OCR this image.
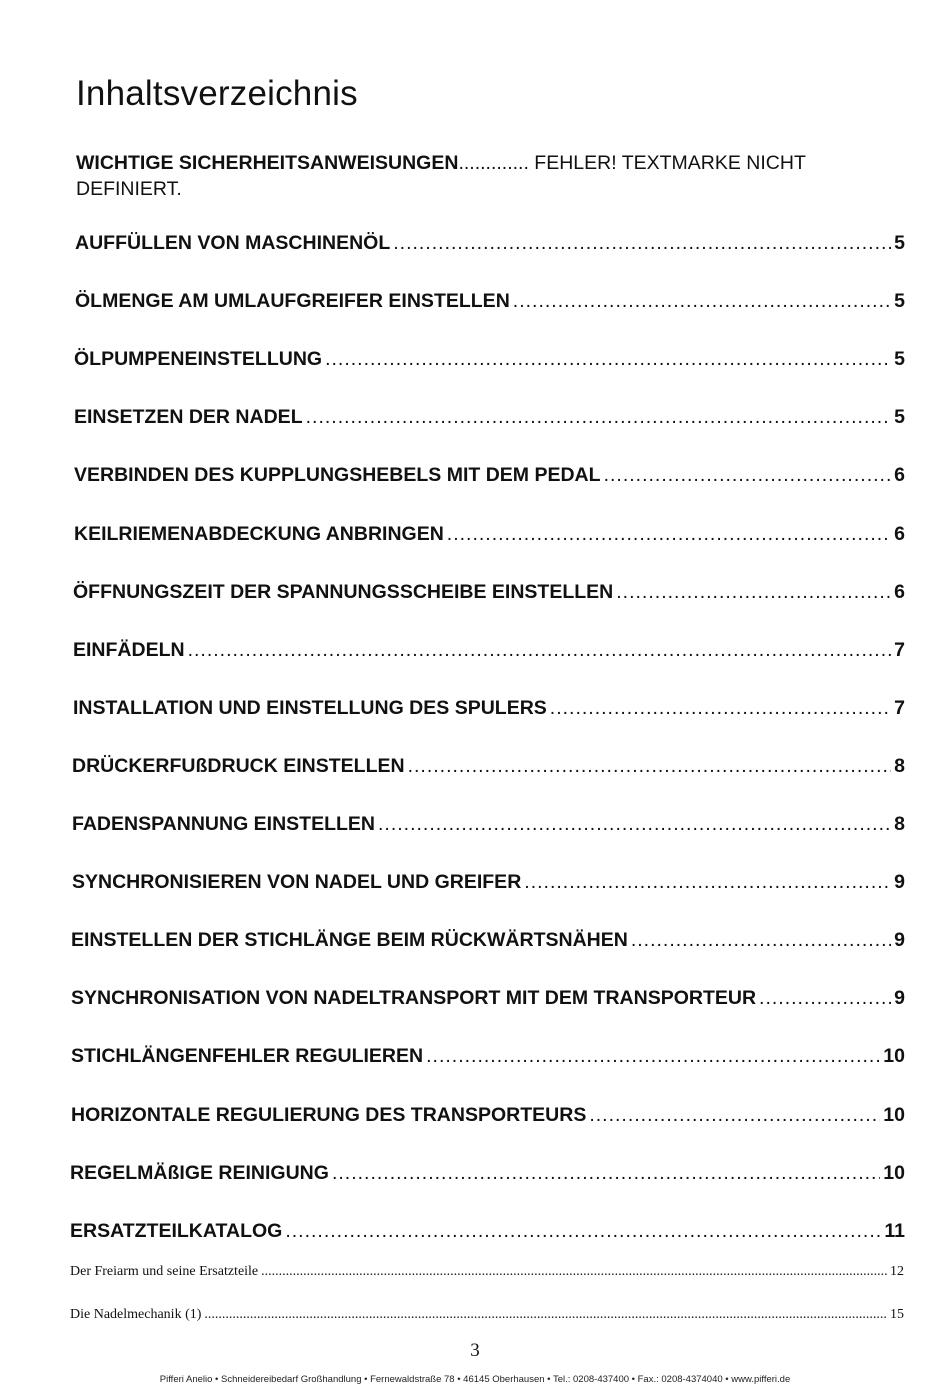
Inhaltsverzeichnis
WICHTIGE SICHERHEITSANWEISUNGEN............. FEHLER! TEXTMARKE NICHT DEFINIERT.
AUFFÜLLEN VON MASCHINENÖL .....	5
ÖLMENGE AM UMLAUFGREIFER EINSTELLEN .....	5
ÖLPUMPENEINSTELLUNG .....	5
EINSETZEN DER NADEL .....	5
VERBINDEN DES KUPPLUNGSHEBELS MIT DEM PEDAL .....	6
KEILRIEMENABDECKUNG ANBRINGEN .....	6
ÖFFNUNGSZEIT DER SPANNUNGSSCHEIBE EINSTELLEN .....	6
EINFÄDELN .....	7
INSTALLATION UND EINSTELLUNG DES SPULERS .....	7
DRÜCKERFUßDRUCK EINSTELLEN .....	8
FADENSPANNUNG EINSTELLEN .....	8
SYNCHRONISIEREN VON NADEL UND GREIFER .....	9
EINSTELLEN DER STICHLÄNGE BEIM RÜCKWÄRTSNÄHEN .....	9
SYNCHRONISATION VON NADELTRANSPORT MIT DEM TRANSPORTEUR .....	9
STICHLÄNGENFEHLER REGULIEREN .....	10
HORIZONTALE REGULIERUNG DES TRANSPORTEURS .....	10
REGELMÄßIGE REINIGUNG .....	10
ERSATZTEILKATALOG .....	11
Der Freiarm und seine Ersatzteile .....	12
Die Nadelmechanik (1) .....	15
3
Pifferi Anelio • Schneidereibedarf Großhandlung • Fernewaldstraße 78 • 46145 Oberhausen • Tel.: 0208-437400 • Fax.: 0208-4374040 • www.pifferi.de
